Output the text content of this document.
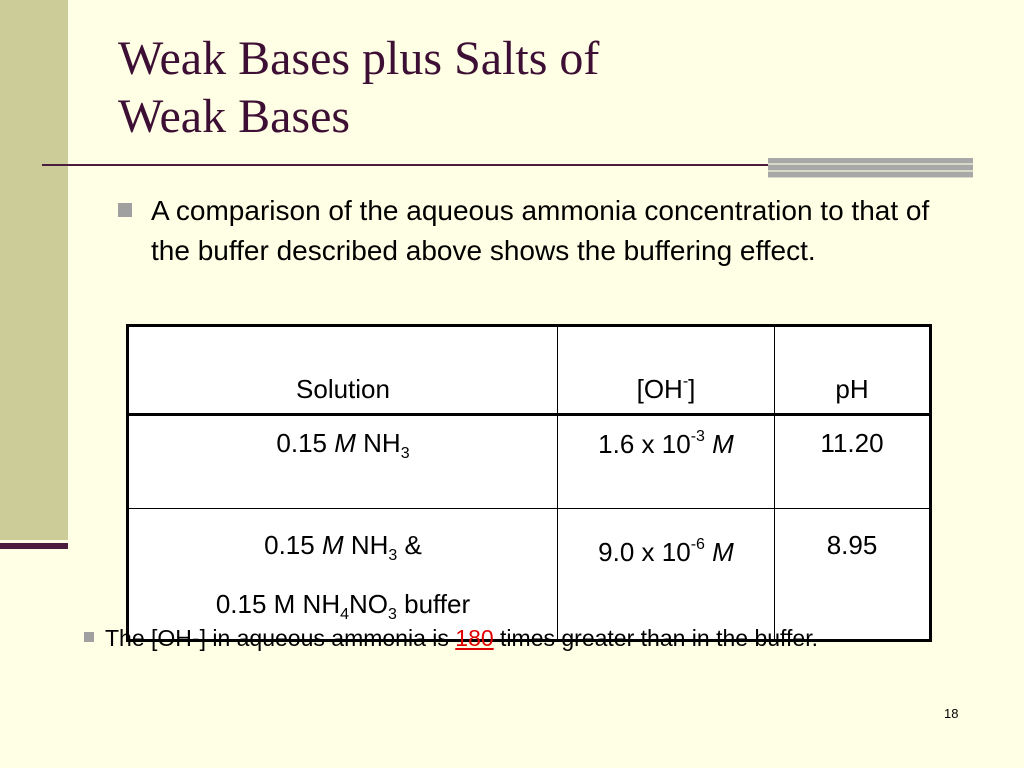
Weak Bases plus Salts of
Weak Bases
A comparison of the aqueous ammonia concentration to that of the buffer described above shows the buffering effect.
Solution	[OH-]	pH
0.15 M $NH_3$	1.6 x $10^{-3}$ M	11.20

0.15 M $NH_3$ &
0.15 M $NH_4NO_3$ buffer	9.0 x $10^{-6}$ M	8.95
The [OH-] in aqueous ammonia is 180 times greater than in the buffer.
18
